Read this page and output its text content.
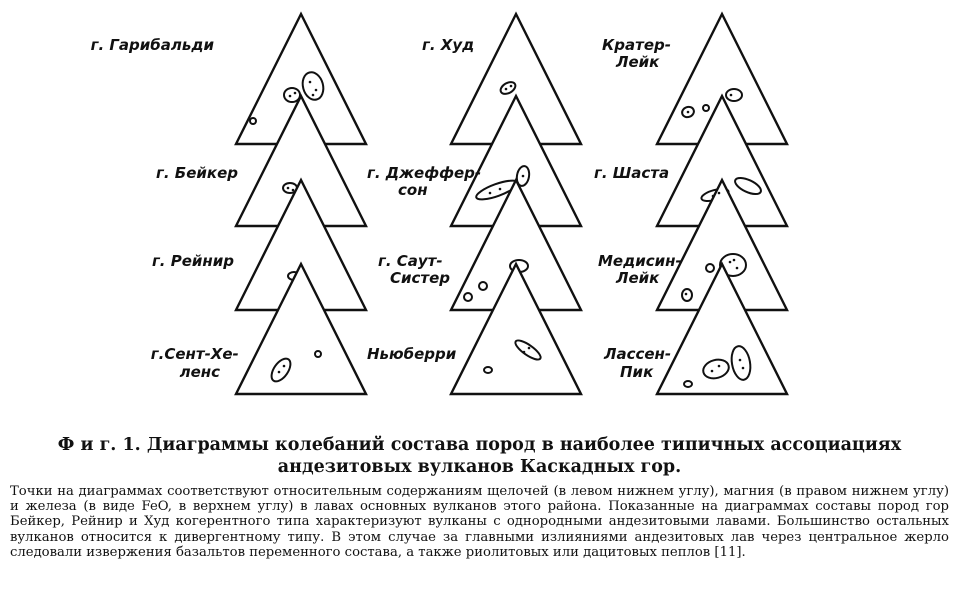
г. Гарибальди
г. Бейкер
г. Рейнир
г.Сент-Хе- ленс
г. Худ
г. Джеффер- сон
г. Саут- Систер
Ньюберри
Кратер- Лейк
г. Шаста
Медисин- Лейк
Лассен- Пик
Ф и г. 1. Диаграммы колебаний состава пород в наиболее типичных ассоциациях андезитовых вулканов Каскадных гор.
Точки на диаграммах соответствуют относительным содержаниям щелочей (в левом нижнем углу), магния (в правом нижнем углу) и железа (в виде FeO, в верхнем углу) в лавах основных вулканов этого района. Показанные на диаграммах составы пород гор Бейкер, Рейнир и Худ когерентного типа характеризуют вулканы с однородными андезитовыми лавами. Большинство остальных вулканов относится к дивергентному типу. В этом случае за главными излияниями андезитовых лав через центральное жерло следовали извержения базальтов переменного состава, а также риолитовых или дацитовых пеплов [11].
